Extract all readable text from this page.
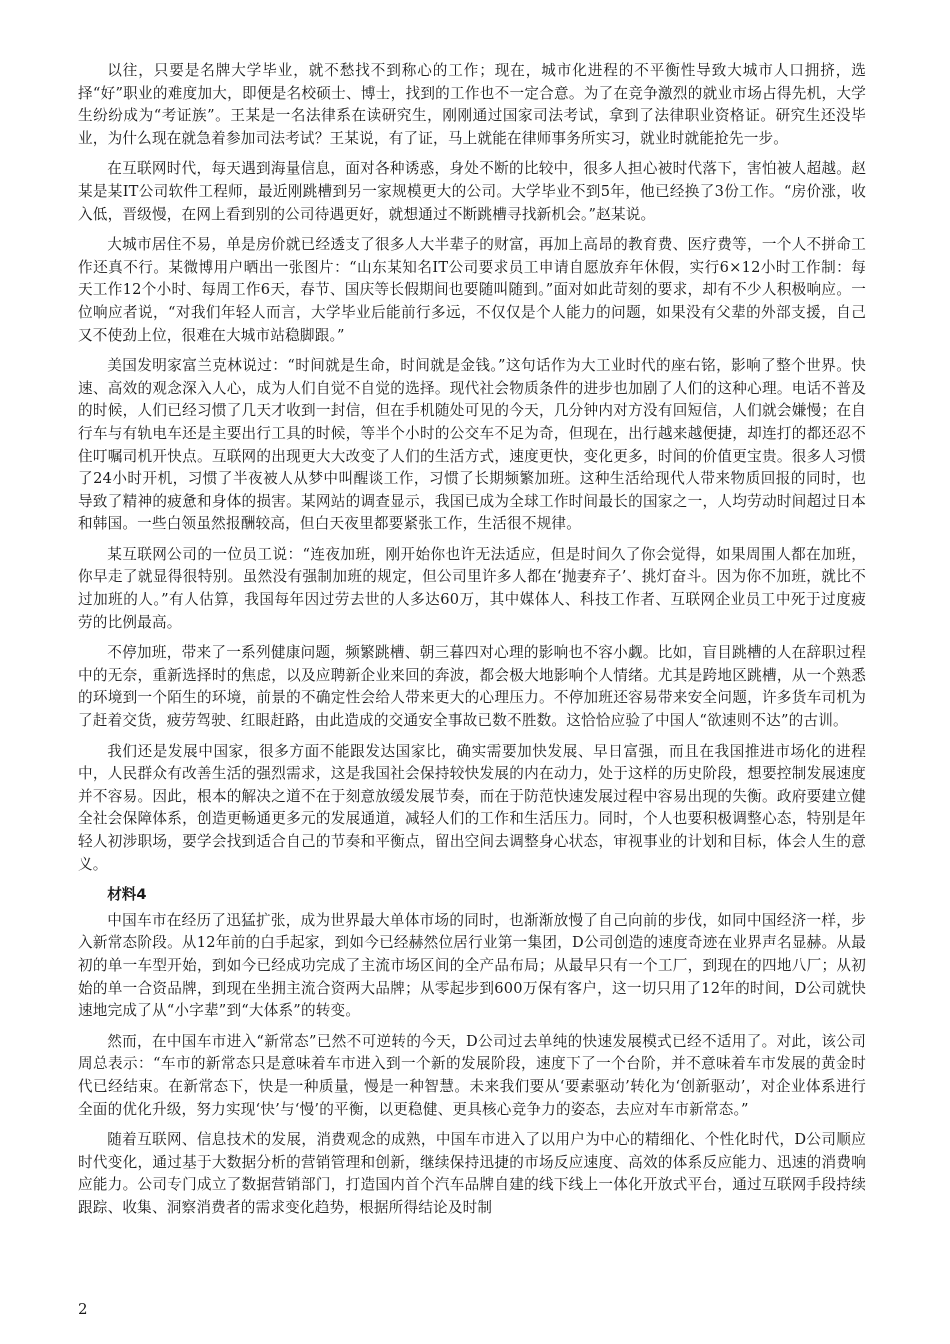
以往，只要是名牌大学毕业，就不愁找不到称心的工作；现在，城市化进程的不平衡性导致大城市人口拥挤，选择“好”职业的难度加大，即便是名校硕士、博士，找到的工作也不一定合意。为了在竞争激烈的就业市场占得先机，大学生纷纷成为“考证族”。王某是一名法律系在读研究生，刚刚通过国家司法考试，拿到了法律职业资格证。研究生还没毕业，为什么现在就急着参加司法考试？王某说，有了证，马上就能在律师事务所实习，就业时就能抢先一步。

在互联网时代，每天遇到海量信息，面对各种诱惑，身处不断的比较中，很多人担心被时代落下，害怕被人超越。赵某是某IT公司软件工程师，最近刚跳槽到另一家规模更大的公司。大学毕业不到5年，他已经换了3份工作。“房价涨，收入低，晋级慢，在网上看到别的公司待遇更好，就想通过不断跳槽寻找新机会。”赵某说。

大城市居住不易，单是房价就已经透支了很多人大半辈子的财富，再加上高昂的教育费、医疗费等，一个人不拼命工作还真不行。某微博用户晒出一张图片：“山东某知名IT公司要求员工申请自愿放弃年休假，实行6×12小时工作制：每天工作12个小时、每周工作6天，春节、国庆等长假期间也要随叫随到。”面对如此苛刻的要求，却有不少人积极响应。一位响应者说，“对我们年轻人而言，大学毕业后能前行多远，不仅仅是个人能力的问题，如果没有父辈的外部支援，自己又不使劲上位，很难在大城市站稳脚跟。”

美国发明家富兰克林说过：“时间就是生命，时间就是金钱。”这句话作为大工业时代的座右铭，影响了整个世界。快速、高效的观念深入人心，成为人们自觉不自觉的选择。现代社会物质条件的进步也加剧了人们的这种心理。电话不普及的时候，人们已经习惯了几天才收到一封信，但在手机随处可见的今天，几分钟内对方没有回短信，人们就会嫌慢；在自行车与有轨电车还是主要出行工具的时候，等半个小时的公交车不足为奇，但现在，出行越来越便捷，却连打的都还忍不住叮嘱司机开快点。互联网的出现更大大改变了人们的生活方式，速度更快，变化更多，时间的价值更宝贵。很多人习惯了24小时开机，习惯了半夜被人从梦中叫醒谈工作，习惯了长期频繁加班。这种生活给现代人带来物质回报的同时，也导致了精神的疲惫和身体的损害。某网站的调查显示，我国已成为全球工作时间最长的国家之一，人均劳动时间超过日本和韩国。一些白领虽然报酬较高，但白天夜里都要紧张工作，生活很不规律。

某互联网公司的一位员工说：“连夜加班，刚开始你也许无法适应，但是时间久了你会觉得，如果周围人都在加班，你早走了就显得很特别。虽然没有强制加班的规定，但公司里许多人都在‘抛妻弃子’、挑灯奋斗。因为你不加班，就比不过加班的人。”有人估算，我国每年因过劳去世的人多达60万，其中媒体人、科技工作者、互联网企业员工中死于过度疲劳的比例最高。

不停加班，带来了一系列健康问题，频繁跳槽、朝三暮四对心理的影响也不容小觑。比如，盲目跳槽的人在辞职过程中的无奈，重新选择时的焦虑，以及应聘新企业来回的奔波，都会极大地影响个人情绪。尤其是跨地区跳槽，从一个熟悉的环境到一个陌生的环境，前景的不确定性会给人带来更大的心理压力。不停加班还容易带来安全问题，许多货车司机为了赶着交货，疲劳驾驶、红眼赶路，由此造成的交通安全事故已数不胜数。这恰恰应验了中国人“欲速则不达”的古训。

我们还是发展中国家，很多方面不能跟发达国家比，确实需要加快发展、早日富强，而且在我国推进市场化的进程中，人民群众有改善生活的强烈需求，这是我国社会保持较快发展的内在动力，处于这样的历史阶段，想要控制发展速度并不容易。因此，根本的解决之道不在于刻意放缓发展节奏，而在于防范快速发展过程中容易出现的失衡。政府要建立健全社会保障体系，创造更畅通更多元的发展通道，减轻人们的工作和生活压力。同时，个人也要积极调整心态，特别是年轻人初涉职场，要学会找到适合自己的节奏和平衡点，留出空间去调整身心状态，审视事业的计划和目标，体会人生的意义。

材料4

中国车市在经历了迅猛扩张，成为世界最大单体市场的同时，也渐渐放慢了自己向前的步伐，如同中国经济一样，步入新常态阶段。从12年前的白手起家，到如今已经赫然位居行业第一集团，D公司创造的速度奇迹在业界声名显赫。从最初的单一车型开始，到如今已经成功完成了主流市场区间的全产品布局；从最早只有一个工厂，到现在的四地八厂；从初始的单一合资品牌，到现在坐拥主流合资两大品牌；从零起步到600万保有客户，这一切只用了12年的时间，D公司就快速地完成了从“小字辈”到“大体系”的转变。

然而，在中国车市进入“新常态”已然不可逆转的今天，D公司过去单纯的快速发展模式已经不适用了。对此，该公司周总表示：“车市的新常态只是意味着车市进入到一个新的发展阶段，速度下了一个台阶，并不意味着车市发展的黄金时代已经结束。在新常态下，快是一种质量，慢是一种智慧。未来我们要从‘要素驱动’转化为‘创新驱动’，对企业体系进行全面的优化升级，努力实现‘快’与‘慢’的平衡，以更稳健、更具核心竞争力的姿态，去应对车市新常态。”

随着互联网、信息技术的发展，消费观念的成熟，中国车市进入了以用户为中心的精细化、个性化时代，D公司顺应时代变化，通过基于大数据分析的营销管理和创新，继续保持迅捷的市场反应速度、高效的体系反应能力、迅速的消费响应能力。公司专门成立了数据营销部门，打造国内首个汽车品牌自建的线下线上一体化开放式平台，通过互联网手段持续跟踪、收集、洞察消费者的需求变化趋势，根据所得结论及时制

2
